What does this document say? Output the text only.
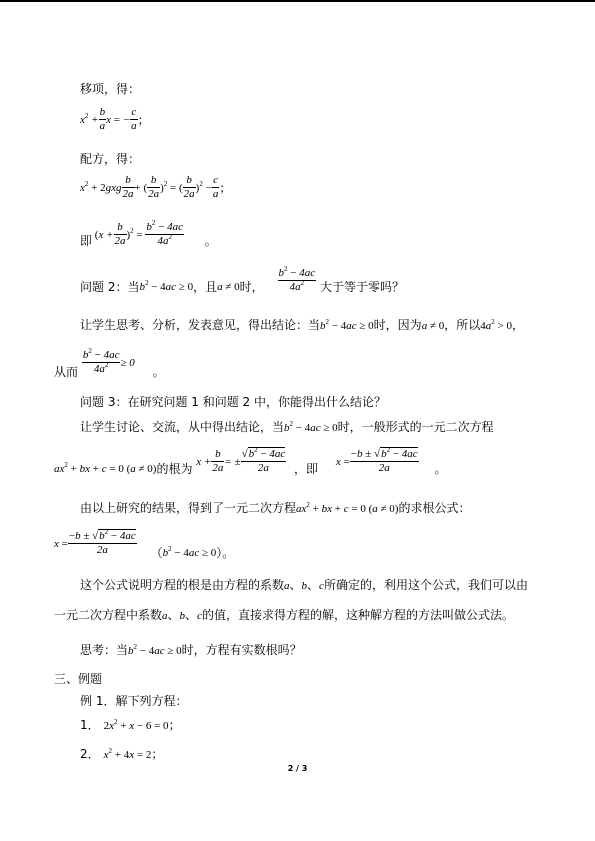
移项，得：
$x^2 + \frac{b}{a}$ x = − $\frac{c}{a}$ ；
配方，得：
$x^2 + 2gxg \frac{b}{2a}$ + ( $\frac{b}{2a} )^2$ = ( $\frac{b}{2a} )^2 - \frac{c}{a}$ ；
即 $(x + \frac{b}{2a} )^2 = \frac{b^2 - 4ac}{4a^2}$ 。
问题 2：当$b^2 - 4ac \ge 0$，且a ≠ 0时， $\frac{b^2 - 4ac}{4a^2}$ 大于等于零吗？
让学生思考、分析，发表意见，得出结论：当$b^2 - 4ac \ge 0$时，因为a ≠ 0，所以$4a^2 > 0$，
从而 $\frac{b^2 - 4ac}{4a^2} \ge 0$ 。
问题 3：在研究问题 1 和问题 2 中，你能得出什么结论？
让学生讨论、交流，从中得出结论，当$b^2 - 4ac \ge 0$时，一般形式的一元二次方程
$ax^2$ + bx + c = 0 (a ≠ 0)的根为 $x + \frac{b}{2a}$ = ± $\frac{√b^2 - 4ac}{2a}$ ，即 $x = \frac{-b \pm √b^2 - 4ac}{2a}$ 。
由以上研究的结果，得到了一元二次方程$ax^2$ + bx + c = 0 (a ≠ 0)的求根公式：
$x = \frac{-b \pm √b^2 - 4ac}{2a} (b^2 - 4ac \ge 0)$。
这个公式说明方程的根是由方程的系数a、b、c所确定的，利用这个公式，我们可以由
一元二次方程中系数a、b、c的值，直接求得方程的解，这种解方程的方法叫做公式法。
思考：当$b^2 - 4ac \ge 0$时，方程有实数根吗？
三、例题
例 1．解下列方程：
1． $2x^2 + x - 6 = 0$；
2． $x^2 + 4x = 2$；
2 / 3
